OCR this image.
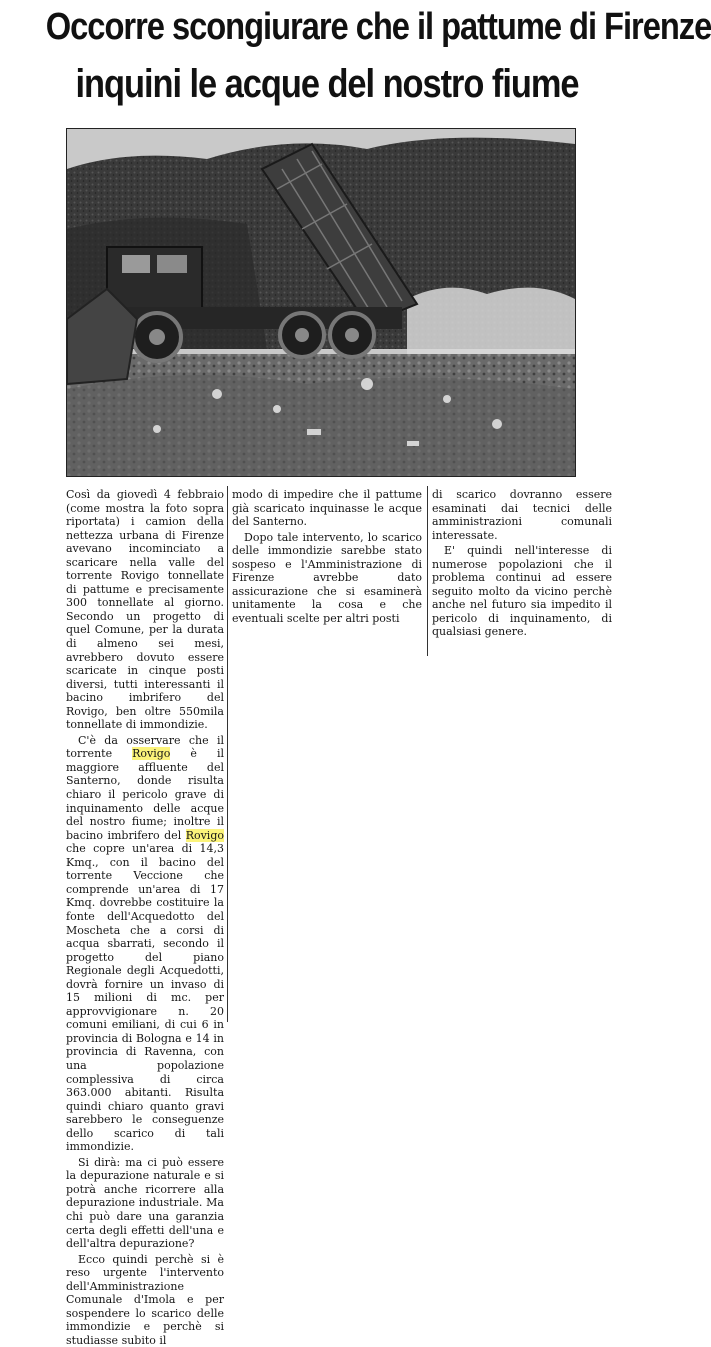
Occorre scongiurare che il pattume di Firenze
inquini le acque del nostro fiume

Così da giovedì 4 febbraio (come mostra la foto sopra riportata) i camion della nettezza urbana di Firenze avevano incominciato a scaricare nella valle del torrente Rovigo tonnellate di pattume e precisamente 300 tonnellate al giorno. Secondo un progetto di quel Comune, per la durata di almeno sei mesi, avrebbero dovuto essere scaricate in cinque posti diversi, tutti interessanti il bacino imbrifero del Rovigo, ben oltre 550mila tonnellate di immondizie.

C'è da osservare che il torrente Rovigo è il maggiore affluente del Santerno, donde risulta chiaro il pericolo grave di inquinamento delle acque del nostro fiume; inoltre il bacino imbrifero del Rovigo che copre un'area di 14,3 Kmq., con il bacino del torrente Veccione che comprende un'area di 17 Kmq. dovrebbe costituire la fonte dell'Acquedotto del Moscheta che a corsi di acqua sbarrati, secondo il progetto del piano Regionale degli Acquedotti, dovrà fornire un invaso di 15 milioni di mc. per approvvigionare n. 20 comuni emiliani, di cui 6 in provincia di Bologna e 14 in provincia di Ravenna, con una popolazione complessiva di circa 363.000 abitanti. Risulta quindi chiaro quanto gravi sarebbero le conseguenze dello scarico di tali immondizie.

Si dirà: ma ci può essere la depurazione naturale e si potrà anche ricorrere alla depurazione industriale. Ma chi può dare una garanzia certa degli effetti dell'una e dell'altra depurazione?

Ecco quindi perchè si è reso urgente l'intervento dell'Amministrazione Comunale d'Imola e per sospendere lo scarico delle immondizie e perchè si studiasse subito il

modo di impedire che il pattume già scaricato inquinasse le acque del Santerno.

Dopo tale intervento, lo scarico delle immondizie sarebbe stato sospeso e l'Amministrazione di Firenze avrebbe dato assicurazione che si esaminerà unitamente la cosa e che eventuali scelte per altri posti

di scarico dovranno essere esaminati dai tecnici delle amministrazioni comunali interessate.

E' quindi nell'interesse di numerose popolazioni che il problema continui ad essere seguito molto da vicino perchè anche nel futuro sia impedito il pericolo di inquinamento, di qualsiasi genere.
